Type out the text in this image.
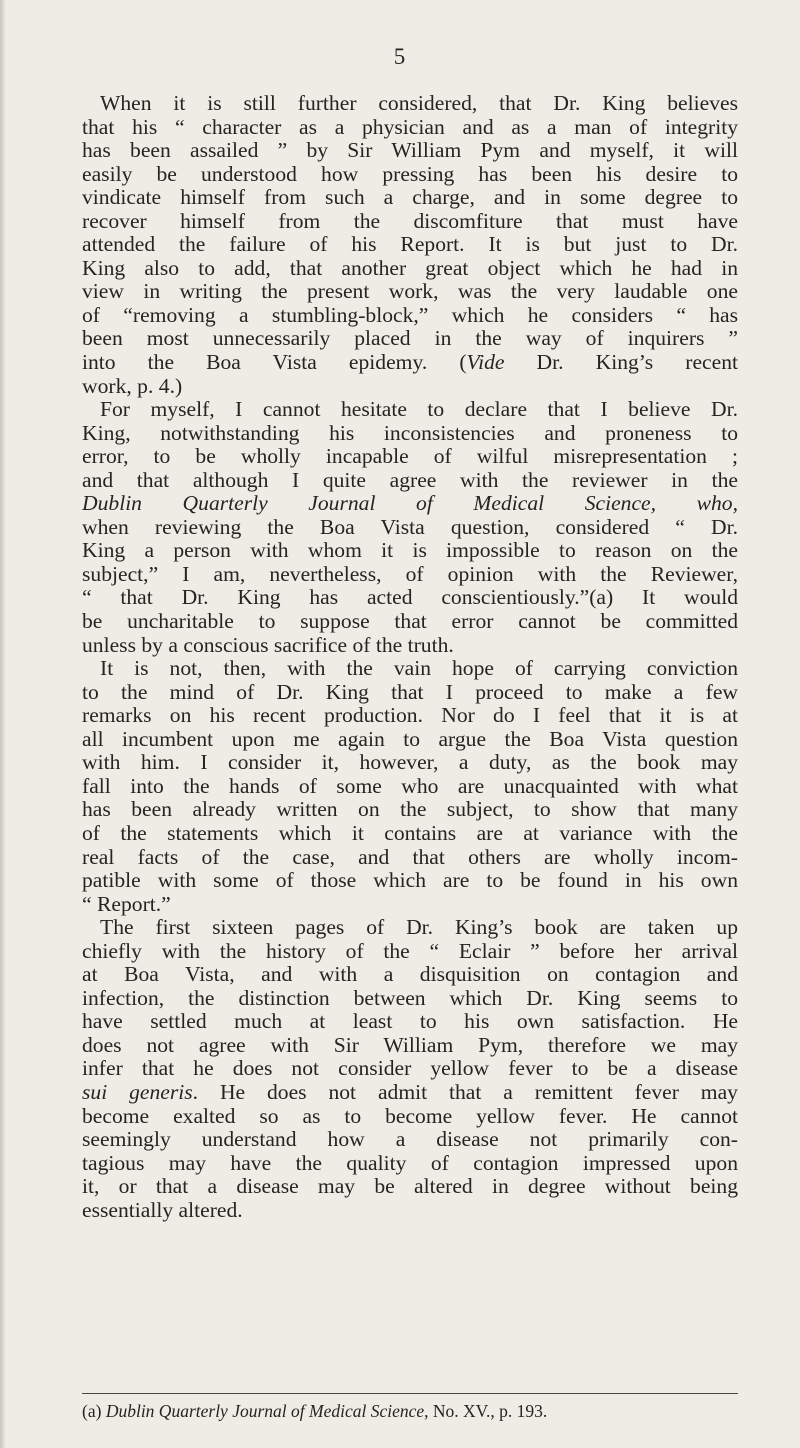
5
When it is still further considered, that Dr. King believes
that his “ character as a physician and as a man of integrity
has been assailed ” by Sir William Pym and myself, it will
easily be understood how pressing has been his desire to
vindicate himself from such a charge, and in some degree to
recover himself from the discomfiture that must have
attended the failure of his Report. It is but just to Dr.
King also to add, that another great object which he had in
view in writing the present work, was the very laudable one
of “removing a stumbling-block,” which he considers “ has
been most unnecessarily placed in the way of inquirers ”
into the Boa Vista epidemy. (Vide Dr. King’s recent
work, p. 4.)
For myself, I cannot hesitate to declare that I believe Dr.
King, notwithstanding his inconsistencies and proneness to
error, to be wholly incapable of wilful misrepresentation ;
and that although I quite agree with the reviewer in the
Dublin Quarterly Journal of Medical Science, who,
when reviewing the Boa Vista question, considered “ Dr.
King a person with whom it is impossible to reason on the
subject,” I am, nevertheless, of opinion with the Reviewer,
“ that Dr. King has acted conscientiously.”(a) It would
be uncharitable to suppose that error cannot be committed
unless by a conscious sacrifice of the truth.
It is not, then, with the vain hope of carrying conviction
to the mind of Dr. King that I proceed to make a few
remarks on his recent production. Nor do I feel that it is at
all incumbent upon me again to argue the Boa Vista question
with him. I consider it, however, a duty, as the book may
fall into the hands of some who are unacquainted with what
has been already written on the subject, to show that many
of the statements which it contains are at variance with the
real facts of the case, and that others are wholly incom-
patible with some of those which are to be found in his own
“ Report.”
The first sixteen pages of Dr. King’s book are taken up
chiefly with the history of the “ Eclair ” before her arrival
at Boa Vista, and with a disquisition on contagion and
infection, the distinction between which Dr. King seems to
have settled much at least to his own satisfaction. He
does not agree with Sir William Pym, therefore we may
infer that he does not consider yellow fever to be a disease
sui generis. He does not admit that a remittent fever may
become exalted so as to become yellow fever. He cannot
seemingly understand how a disease not primarily con-
tagious may have the quality of contagion impressed upon
it, or that a disease may be altered in degree without being
essentially altered.
(a) Dublin Quarterly Journal of Medical Science, No. XV., p. 193.
